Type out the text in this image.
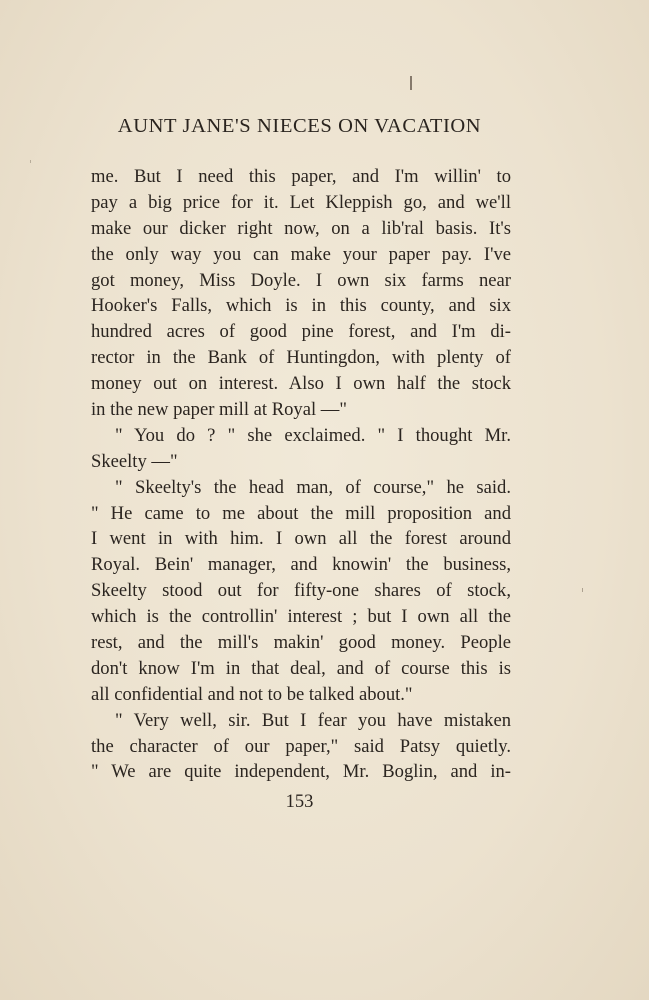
AUNT JANE'S NIECES ON VACATION
me. But I need this paper, and I'm willin' to
pay a big price for it. Let Kleppish go, and we'll
make our dicker right now, on a lib'ral basis. It's
the only way you can make your paper pay. I've
got money, Miss Doyle. I own six farms near
Hooker's Falls, which is in this county, and six
hundred acres of good pine forest, and I'm di-
rector in the Bank of Huntingdon, with plenty of
money out on interest. Also I own half the stock
in the new paper mill at Royal —"
" You do ? " she exclaimed. " I thought Mr.
Skeelty —"
" Skeelty's the head man, of course," he said.
" He came to me about the mill proposition and
I went in with him. I own all the forest around
Royal. Bein' manager, and knowin' the business,
Skeelty stood out for fifty-one shares of stock,
which is the controllin' interest ; but I own all the
rest, and the mill's makin' good money. People
don't know I'm in that deal, and of course this is
all confidential and not to be talked about."
" Very well, sir. But I fear you have mistaken
the character of our paper," said Patsy quietly.
" We are quite independent, Mr. Boglin, and in-
153
